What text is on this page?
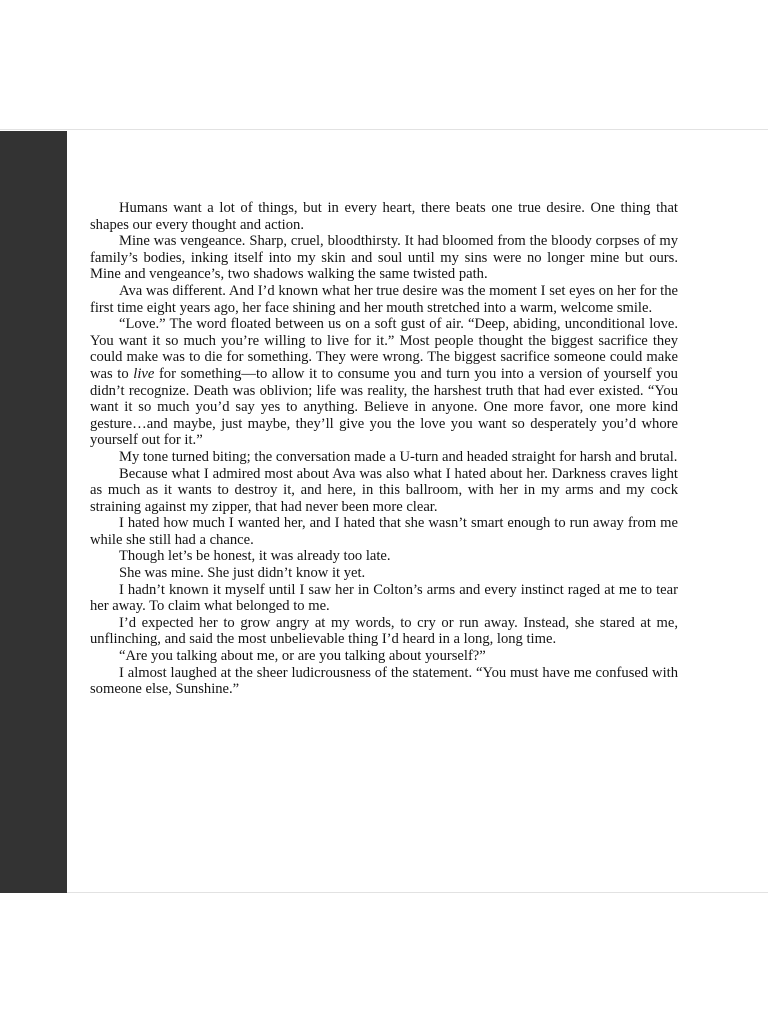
Humans want a lot of things, but in every heart, there beats one true desire. One thing that shapes our every thought and action.

Mine was vengeance. Sharp, cruel, bloodthirsty. It had bloomed from the bloody corpses of my family’s bodies, inking itself into my skin and soul until my sins were no longer mine but ours. Mine and vengeance’s, two shadows walking the same twisted path.

Ava was different. And I’d known what her true desire was the moment I set eyes on her for the first time eight years ago, her face shining and her mouth stretched into a warm, welcome smile.

“Love.” The word floated between us on a soft gust of air. “Deep, abiding, unconditional love. You want it so much you’re willing to live for it.” Most people thought the biggest sacrifice they could make was to die for something. They were wrong. The biggest sacrifice someone could make was to live for something—to allow it to consume you and turn you into a version of yourself you didn’t recognize. Death was oblivion; life was reality, the harshest truth that had ever existed. “You want it so much you’d say yes to anything. Believe in anyone. One more favor, one more kind gesture…and maybe, just maybe, they’ll give you the love you want so desperately you’d whore yourself out for it.”

My tone turned biting; the conversation made a U-turn and headed straight for harsh and brutal.

Because what I admired most about Ava was also what I hated about her. Darkness craves light as much as it wants to destroy it, and here, in this ballroom, with her in my arms and my cock straining against my zipper, that had never been more clear.

I hated how much I wanted her, and I hated that she wasn’t smart enough to run away from me while she still had a chance.

Though let’s be honest, it was already too late.

She was mine. She just didn’t know it yet.

I hadn’t known it myself until I saw her in Colton’s arms and every instinct raged at me to tear her away. To claim what belonged to me.

I’d expected her to grow angry at my words, to cry or run away. Instead, she stared at me, unflinching, and said the most unbelievable thing I’d heard in a long, long time.

“Are you talking about me, or are you talking about yourself?”

I almost laughed at the sheer ludicrousness of the statement. “You must have me confused with someone else, Sunshine.”
